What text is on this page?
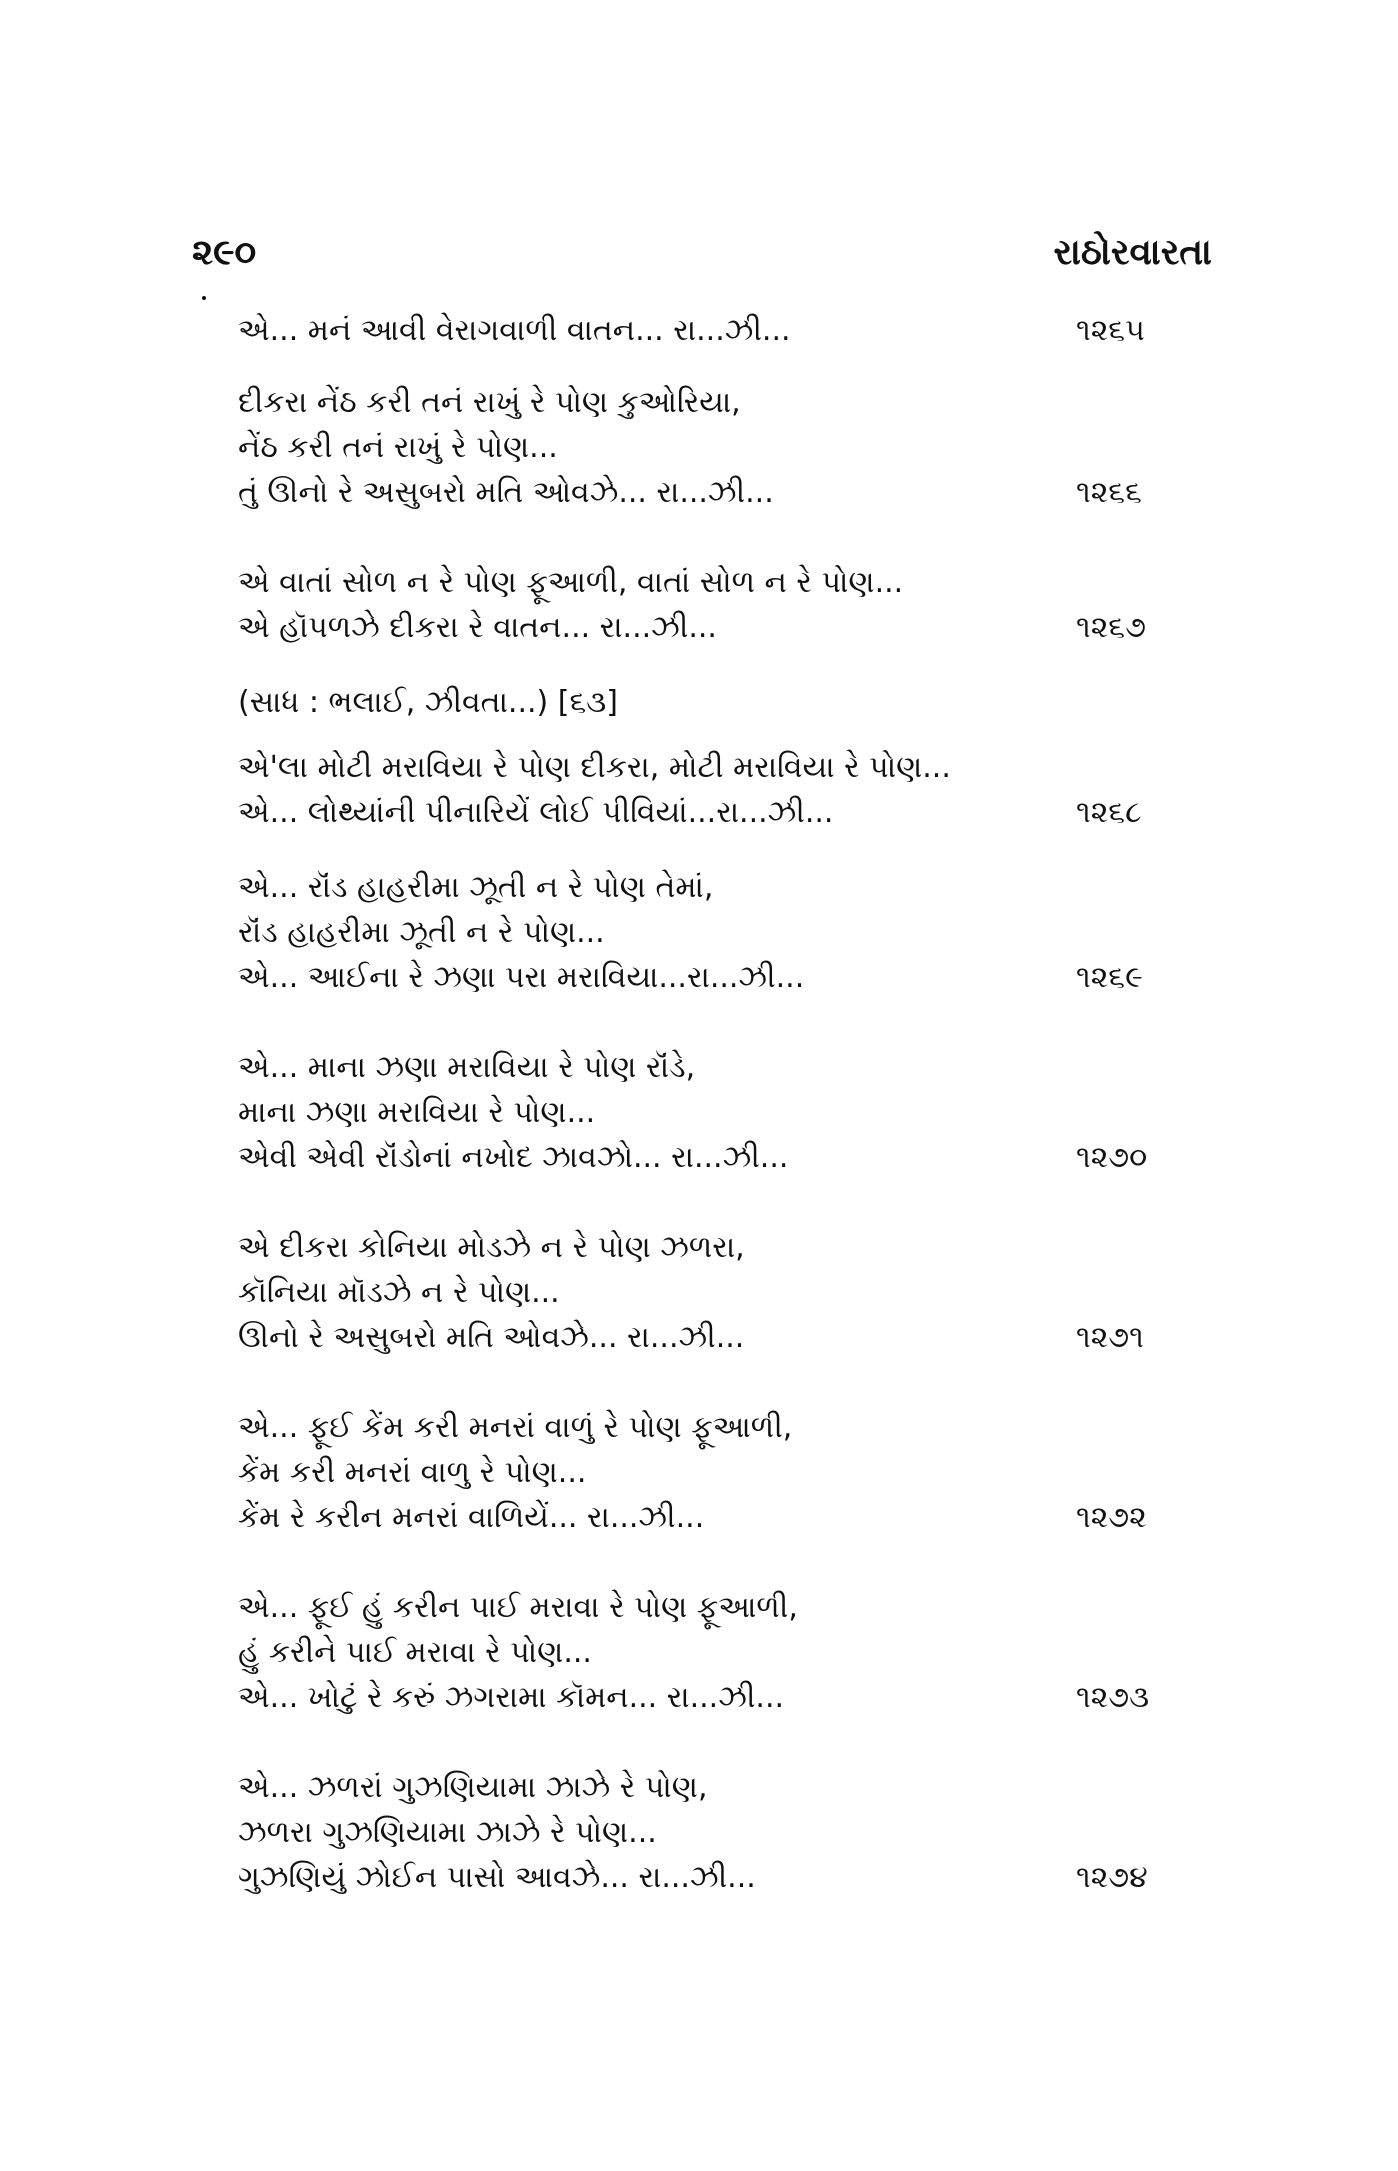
૨૯૦	રાઠોરવારતા
એ... મનં આવી વેરાગવાળી વાતન... રા...ઝી...	૧૨૬૫
દીકરા નેંઠ કરી તનં રાખું રે પોણ કુઓરિયા,
નેંઠ કરી તનં રાખું રે પોણ...
તું ઊનો રે અસુબરો મતિ ઓવઝે... રા...ઝી...	૧૨૬૬
એ વાતાં સોળ ન રે પોણ ફૂઆળી, વાતાં સોળ ન રે પોણ...
એ હૉપળઝે દીકરા રે વાતન... રા...ઝી...	૧૨૬૭
(સાધ : ભલાઈ, ઝીવતા...) [૬૩]
એ'લા મોટી મરાવિયા રે પોણ દીકરા, મોટી મરાવિયા રે પોણ...
એ... લોથ્યાંની પીનારિયેં લોઈ પીવિયાં...રા...ઝી...	૧૨૬૮
એ... રૉંડ હાહરીમા ઝૂતી ન રે પોણ તેમાં,
રૉંડ હાહરીમા ઝૂતી ન રે પોણ...
એ... આઈના રે ઝણા પરા મરાવિયા...રા...ઝી...	૧૨૬૯
એ... માના ઝણા મરાવિયા રે પોણ રૉંડે,
માના ઝણા મરાવિયા રે પોણ...
એવી એવી રૉંડોનાં નખોદ ઝાવઝો... રા...ઝી...	૧૨૭૦
એ દીકરા કોનિયા મોડઝે ન રે પોણ ઝળરા,
કૉનિયા મૉડઝે ન રે પોણ...
ઊનો રે અસુબરો મતિ ઓવઝે... રા...ઝી...	૧૨૭૧
એ... ફૂઈ કેંમ કરી મનરાં વાળું રે પોણ ફૂઆળી,
કેંમ કરી મનરાં વાળુ રે પોણ...
કેંમ રે કરીન મનરાં વાળિયેં... રા...ઝી...	૧૨૭૨
એ... ફૂઈ હું કરીન પાઈ મરાવા રે પોણ ફૂઆળી,
હું કરીને પાઈ મરાવા રે પોણ...
એ... ખોટું રે કરું ઝગરામા કૉમન... રા...ઝી...	૧૨૭૩
એ... ઝળરાં ગુઝણિયામા ઝાઝે રે પોણ,
ઝળરા ગુઝણિયામા ઝાઝે રે પોણ...
ગુઝણિયું ઝોઈન પાસો આવઝે... રા...ઝી...	૧૨૭૪
